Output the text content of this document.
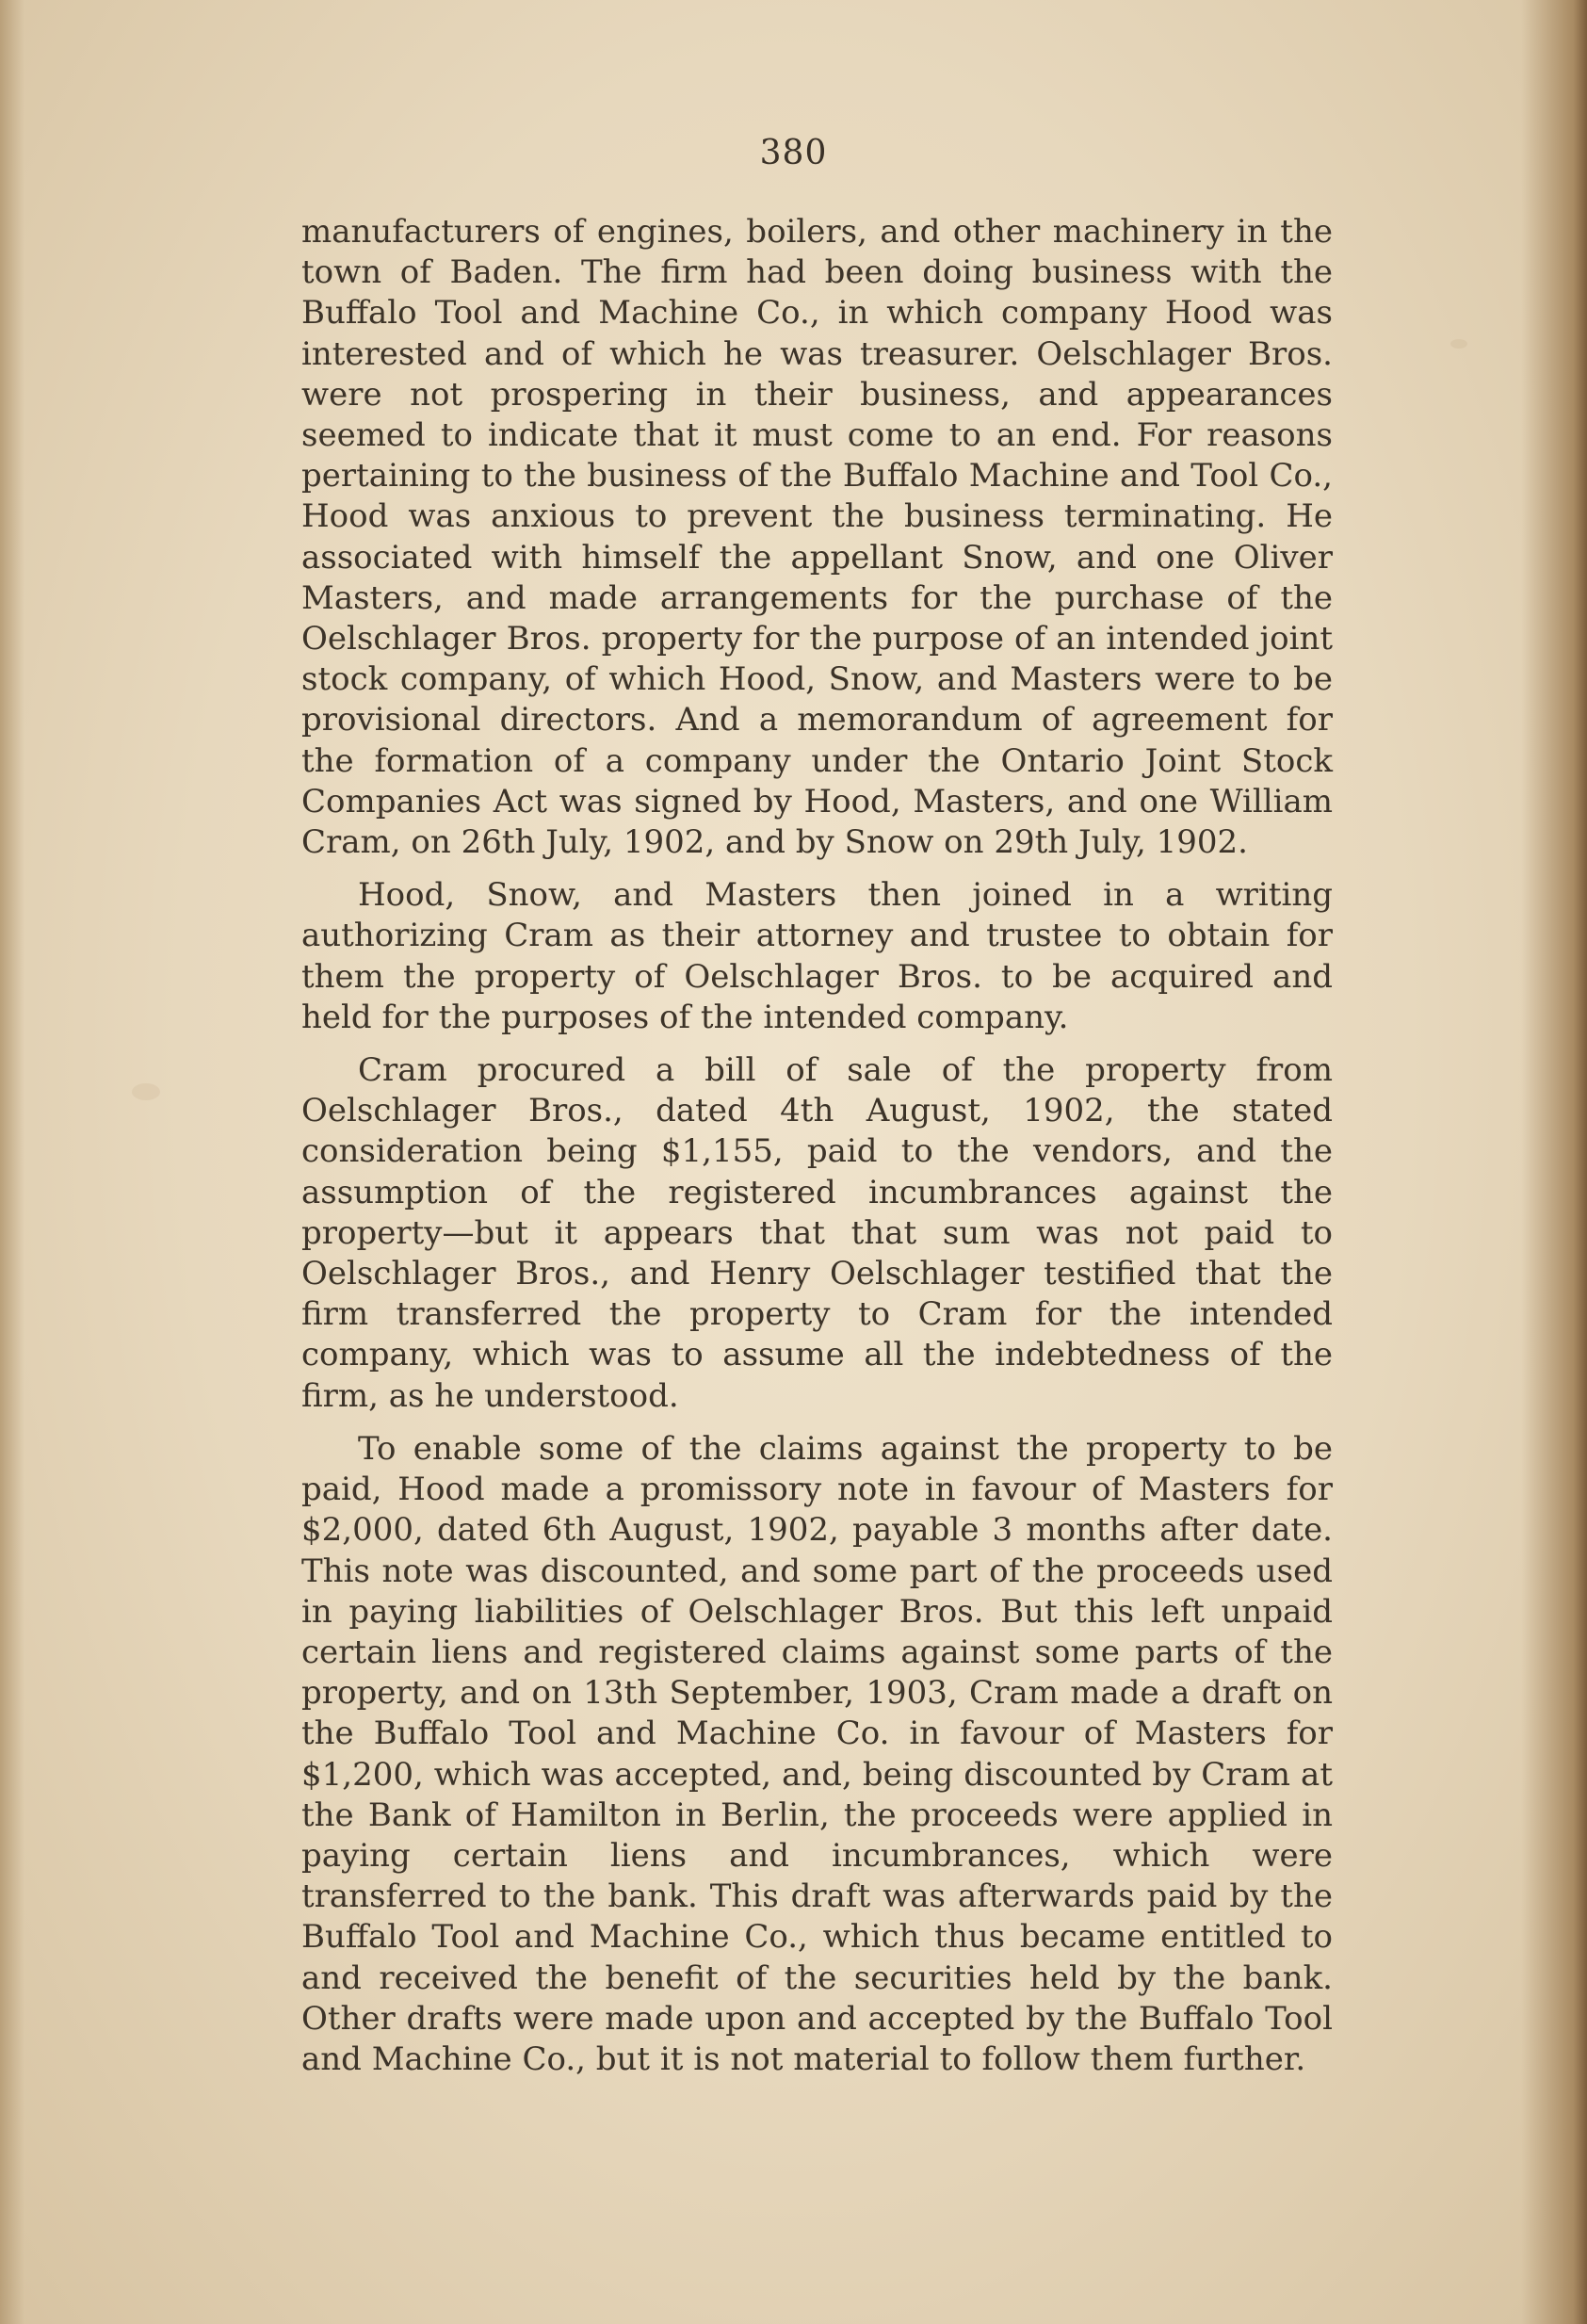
380

manufacturers of engines, boilers, and other machinery in the town of Baden. The firm had been doing business with the Buffalo Tool and Machine Co., in which company Hood was interested and of which he was treasurer. Oelschlager Bros. were not prospering in their business, and appearances seemed to indicate that it must come to an end. For reasons pertaining to the business of the Buffalo Machine and Tool Co., Hood was anxious to prevent the business terminating. He associated with himself the appellant Snow, and one Oliver Masters, and made arrangements for the purchase of the Oelschlager Bros. property for the purpose of an intended joint stock company, of which Hood, Snow, and Masters were to be provisional directors. And a memorandum of agreement for the formation of a company under the Ontario Joint Stock Companies Act was signed by Hood, Masters, and one William Cram, on 26th July, 1902, and by Snow on 29th July, 1902.

Hood, Snow, and Masters then joined in a writing authorizing Cram as their attorney and trustee to obtain for them the property of Oelschlager Bros. to be acquired and held for the purposes of the intended company.

Cram procured a bill of sale of the property from Oelschlager Bros., dated 4th August, 1902, the stated consideration being $1,155, paid to the vendors, and the assumption of the registered incumbrances against the property—but it appears that that sum was not paid to Oelschlager Bros., and Henry Oelschlager testified that the firm transferred the property to Cram for the intended company, which was to assume all the indebtedness of the firm, as he understood.

To enable some of the claims against the property to be paid, Hood made a promissory note in favour of Masters for $2,000, dated 6th August, 1902, payable 3 months after date. This note was discounted, and some part of the proceeds used in paying liabilities of Oelschlager Bros. But this left unpaid certain liens and registered claims against some parts of the property, and on 13th September, 1903, Cram made a draft on the Buffalo Tool and Machine Co. in favour of Masters for $1,200, which was accepted, and, being discounted by Cram at the Bank of Hamilton in Berlin, the proceeds were applied in paying certain liens and incumbrances, which were transferred to the bank. This draft was afterwards paid by the Buffalo Tool and Machine Co., which thus became entitled to and received the benefit of the securities held by the bank. Other drafts were made upon and accepted by the Buffalo Tool and Machine Co., but it is not material to follow them further.
